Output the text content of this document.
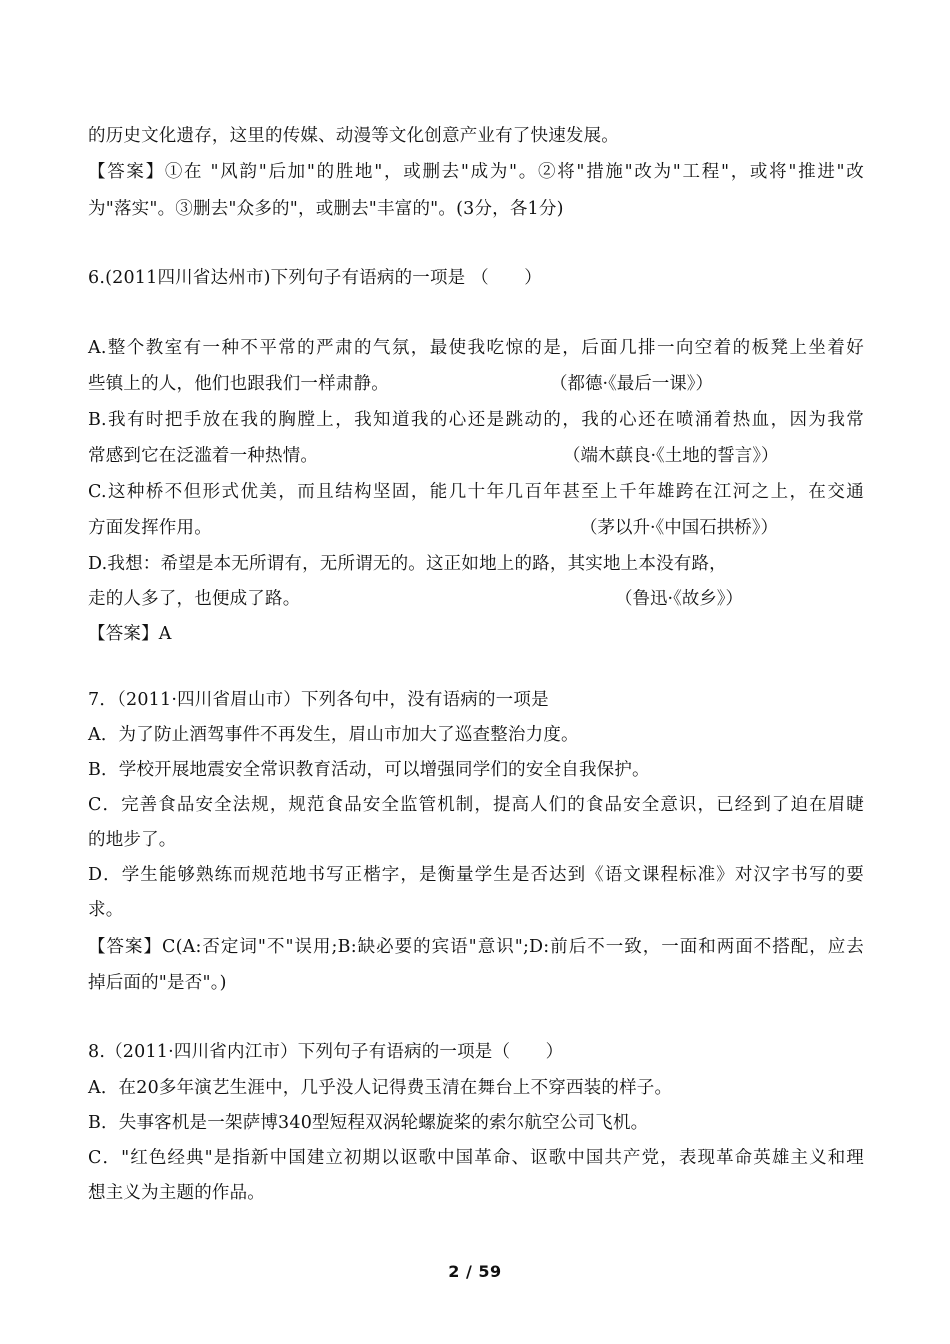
的历史文化遗存，这里的传媒、动漫等文化创意产业有了快速发展。

【答案】①在 "风韵"后加"的胜地"，或删去"成为"。②将"措施"改为"工程"，或将"推进"改

为"落实"。③删去"众多的"，或删去"丰富的"。(3分，各1分)

6.(2011四川省达州市)下列句子有语病的一项是 （　　）

A.整个教室有一种不平常的严肃的气氛，最使我吃惊的是，后面几排一向空着的板凳上坐着好

些镇上的人，他们也跟我们一样肃静。	（都德·《最后一课》）

B.我有时把手放在我的胸膛上，我知道我的心还是跳动的，我的心还在喷涌着热血，因为我常

常感到它在泛滥着一种热情。	（端木蕻良·《土地的誓言》）

C.这种桥不但形式优美，而且结构坚固，能几十年几百年甚至上千年雄跨在江河之上，在交通

方面发挥作用。	（茅以升·《中国石拱桥》）

D.我想：希望是本无所谓有，无所谓无的。这正如地上的路，其实地上本没有路，

走的人多了，也便成了路。	（鲁迅·《故乡》）

【答案】A

7．（2011·四川省眉山市）下列各句中，没有语病的一项是

A．为了防止酒驾事件不再发生，眉山市加大了巡查整治力度。

B．学校开展地震安全常识教育活动，可以增强同学们的安全自我保护。

C．完善食品安全法规，规范食品安全监管机制，提高人们的食品安全意识，已经到了迫在眉睫

的地步了。

D．学生能够熟练而规范地书写正楷字，是衡量学生是否达到《语文课程标准》对汉字书写的要

求。

【答案】C(A:否定词"不"误用;B:缺必要的宾语"意识";D:前后不一致，一面和两面不搭配，应去

掉后面的"是否"。)

8.（2011·四川省内江市）下列句子有语病的一项是（　　）

A．在20多年演艺生涯中，几乎没人记得费玉清在舞台上不穿西装的样子。

B．失事客机是一架萨博340型短程双涡轮螺旋桨的索尔航空公司飞机。

C．"红色经典"是指新中国建立初期以讴歌中国革命、讴歌中国共产党，表现革命英雄主义和理

想主义为主题的作品。

2 / 59
